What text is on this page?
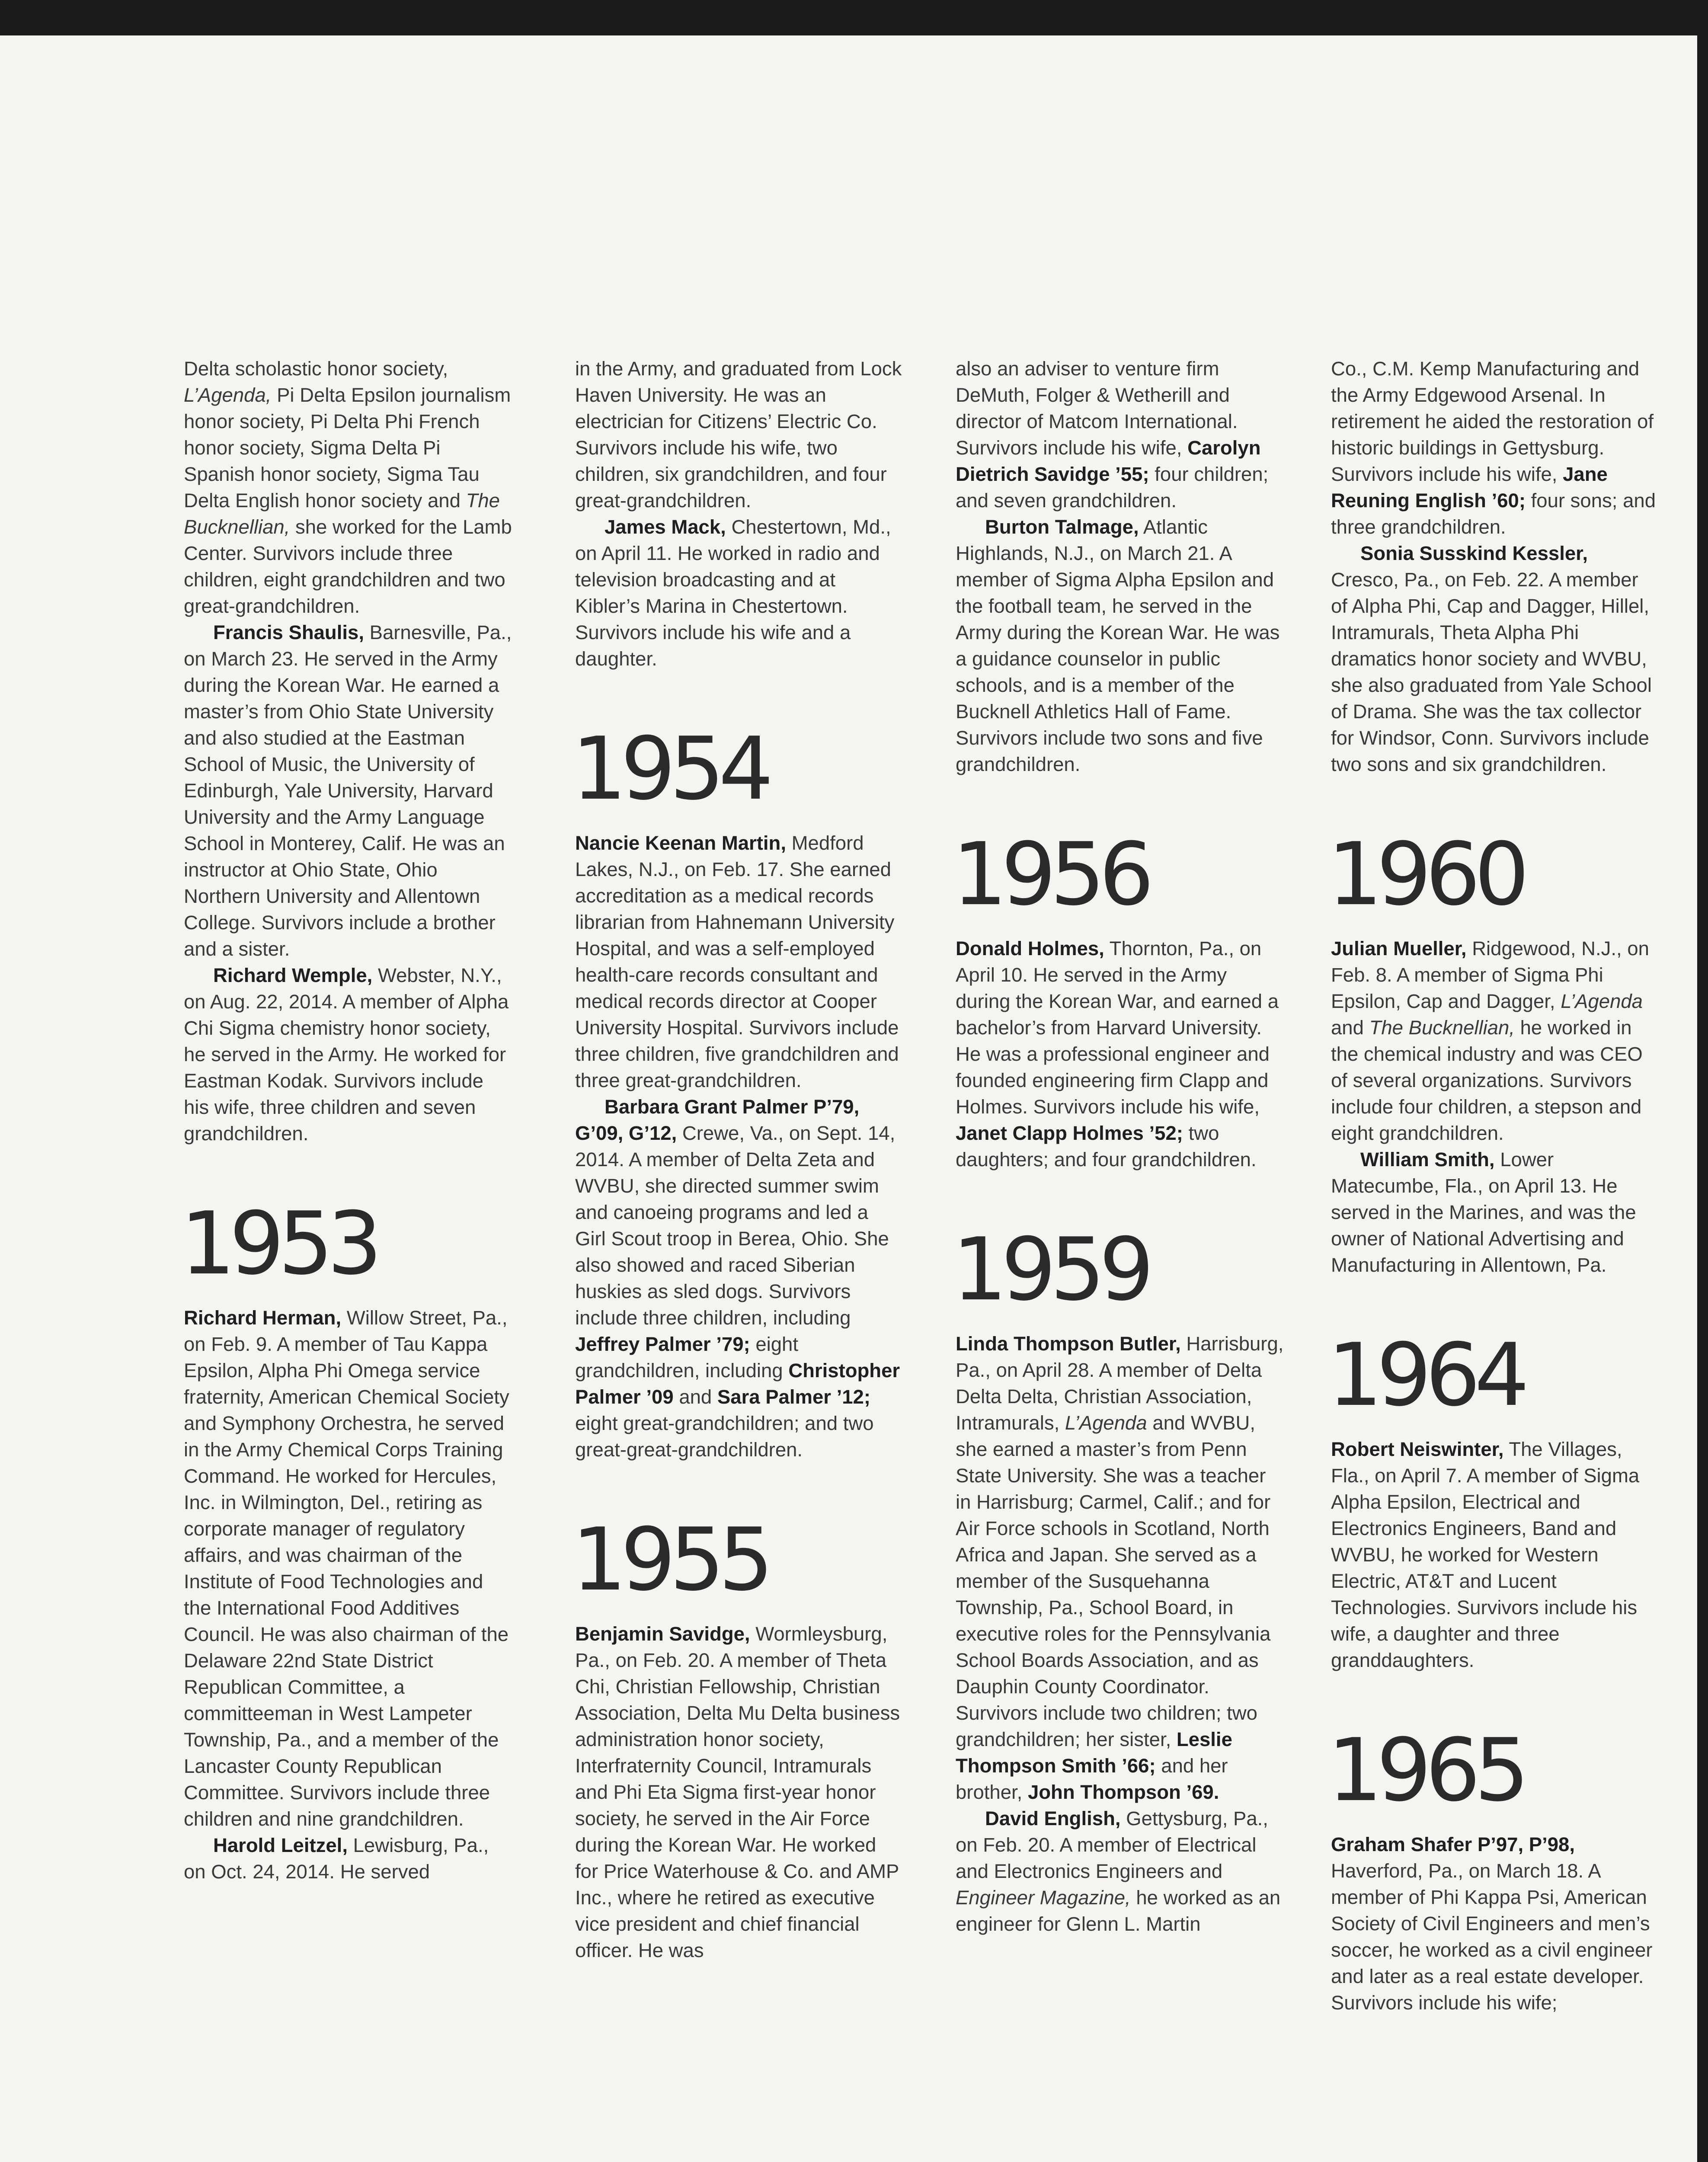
Delta scholastic honor society, L’Agenda, Pi Delta Epsilon journalism honor society, Pi Delta Phi French honor society, Sigma Delta Pi Spanish honor society, Sigma Tau Delta English honor society and The Bucknellian, she worked for the Lamb Center. Survivors include three children, eight grandchildren and two great-grandchildren.

Francis Shaulis, Barnesville, Pa., on March 23. He served in the Army during the Korean War. He earned a master’s from Ohio State University and also studied at the Eastman School of Music, the University of Edinburgh, Yale University, Harvard University and the Army Language School in Monterey, Calif. He was an instructor at Ohio State, Ohio Northern University and Allentown College. Survivors include a brother and a sister.

Richard Wemple, Webster, N.Y., on Aug. 22, 2014. A member of Alpha Chi Sigma chemistry honor society, he served in the Army. He worked for Eastman Kodak. Survivors include his wife, three children and seven grandchildren.

1953

Richard Herman, Willow Street, Pa., on Feb. 9. A member of Tau Kappa Epsilon, Alpha Phi Omega service fraternity, American Chemical Society and Symphony Orchestra, he served in the Army Chemical Corps Training Command. He worked for Hercules, Inc. in Wilmington, Del., retiring as corporate manager of regulatory affairs, and was chairman of the Institute of Food Technologies and the International Food Additives Council. He was also chairman of the Delaware 22nd State District Republican Committee, a committeeman in West Lampeter Township, Pa., and a member of the Lancaster County Republican Committee. Survivors include three children and nine grandchildren.

Harold Leitzel, Lewisburg, Pa., on Oct. 24, 2014. He served

in the Army, and graduated from Lock Haven University. He was an electrician for Citizens’ Electric Co. Survivors include his wife, two children, six grandchildren, and four great-grandchildren.

James Mack, Chestertown, Md., on April 11. He worked in radio and television broadcasting and at Kibler’s Marina in Chestertown. Survivors include his wife and a daughter.

1954

Nancie Keenan Martin, Medford Lakes, N.J., on Feb. 17. She earned accreditation as a medical records librarian from Hahnemann University Hospital, and was a self-employed health-care records consultant and medical records director at Cooper University Hospital. Survivors include three children, five grandchildren and three great-grandchildren.

Barbara Grant Palmer P’79, G’09, G’12, Crewe, Va., on Sept. 14, 2014. A member of Delta Zeta and WVBU, she directed summer swim and canoeing programs and led a Girl Scout troop in Berea, Ohio. She also showed and raced Siberian huskies as sled dogs. Survivors include three children, including Jeffrey Palmer ’79; eight grandchildren, including Christopher Palmer ’09 and Sara Palmer ’12; eight great-grandchildren; and two great-great-grandchildren.

1955

Benjamin Savidge, Wormleysburg, Pa., on Feb. 20. A member of Theta Chi, Christian Fellowship, Christian Association, Delta Mu Delta business administration honor society, Interfraternity Council, Intramurals and Phi Eta Sigma first-year honor society, he served in the Air Force during the Korean War. He worked for Price Waterhouse & Co. and AMP Inc., where he retired as executive vice president and chief financial officer. He was

also an adviser to venture firm DeMuth, Folger & Wetherill and director of Matcom International. Survivors include his wife, Carolyn Dietrich Savidge ’55; four children; and seven grandchildren.

Burton Talmage, Atlantic Highlands, N.J., on March 21. A member of Sigma Alpha Epsilon and the football team, he served in the Army during the Korean War. He was a guidance counselor in public schools, and is a member of the Bucknell Athletics Hall of Fame. Survivors include two sons and five grandchildren.

1956

Donald Holmes, Thornton, Pa., on April 10. He served in the Army during the Korean War, and earned a bachelor’s from Harvard University. He was a professional engineer and founded engineering firm Clapp and Holmes. Survivors include his wife, Janet Clapp Holmes ’52; two daughters; and four grandchildren.

1959

Linda Thompson Butler, Harrisburg, Pa., on April 28. A member of Delta Delta Delta, Christian Association, Intramurals, L’Agenda and WVBU, she earned a master’s from Penn State University. She was a teacher in Harrisburg; Carmel, Calif.; and for Air Force schools in Scotland, North Africa and Japan. She served as a member of the Susquehanna Township, Pa., School Board, in executive roles for the Pennsylvania School Boards Association, and as Dauphin County Coordinator. Survivors include two children; two grandchildren; her sister, Leslie Thompson Smith ’66; and her brother, John Thompson ’69.

David English, Gettysburg, Pa., on Feb. 20. A member of Electrical and Electronics Engineers and Engineer Magazine, he worked as an engineer for Glenn L. Martin

Co., C.M. Kemp Manufacturing and the Army Edgewood Arsenal. In retirement he aided the restoration of historic buildings in Gettysburg. Survivors include his wife, Jane Reuning English ’60; four sons; and three grandchildren.

Sonia Susskind Kessler, Cresco, Pa., on Feb. 22. A member of Alpha Phi, Cap and Dagger, Hillel, Intramurals, Theta Alpha Phi dramatics honor society and WVBU, she also graduated from Yale School of Drama. She was the tax collector for Windsor, Conn. Survivors include two sons and six grandchildren.

1960

Julian Mueller, Ridgewood, N.J., on Feb. 8. A member of Sigma Phi Epsilon, Cap and Dagger, L’Agenda and The Bucknellian, he worked in the chemical industry and was CEO of several organizations. Survivors include four children, a stepson and eight grandchildren.

William Smith, Lower Matecumbe, Fla., on April 13. He served in the Marines, and was the owner of National Advertising and Manufacturing in Allentown, Pa.

1964

Robert Neiswinter, The Villages, Fla., on April 7. A member of Sigma Alpha Epsilon, Electrical and Electronics Engineers, Band and WVBU, he worked for Western Electric, AT&T and Lucent Technologies. Survivors include his wife, a daughter and three granddaughters.

1965

Graham Shafer P’97, P’98, Haverford, Pa., on March 18. A member of Phi Kappa Psi, American Society of Civil Engineers and men’s soccer, he worked as a civil engineer and later as a real estate developer. Survivors include his wife;
